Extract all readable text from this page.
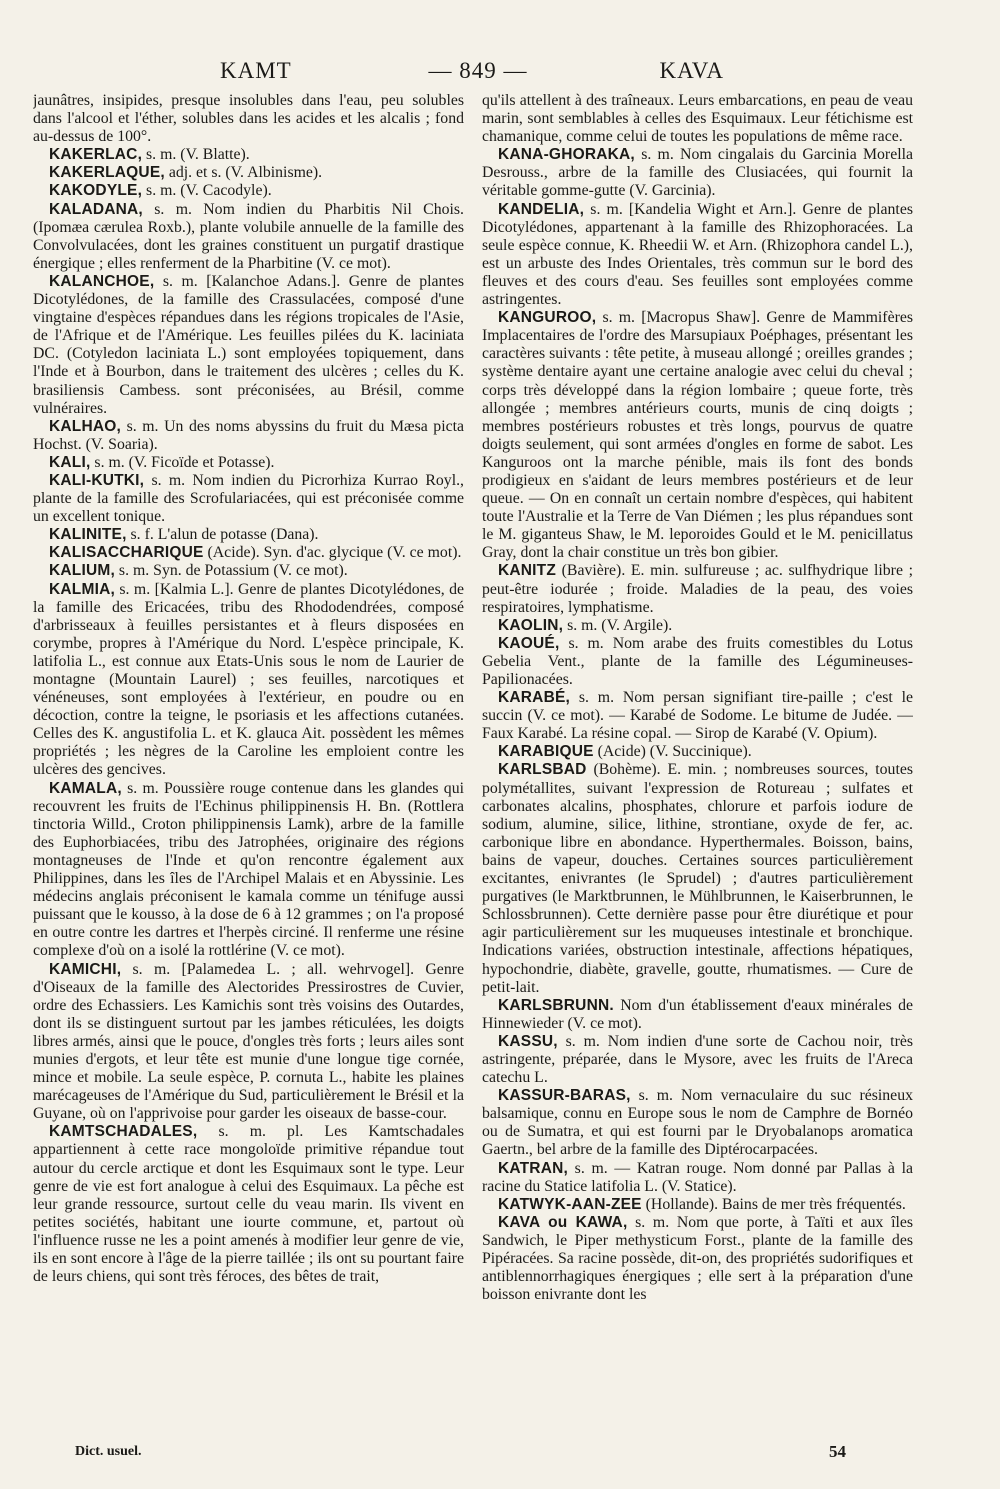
KAMT	— 849 —	KAVA

jaunâtres, insipides, presque insolubles dans l'eau, peu solubles dans l'alcool et l'éther, solubles dans les acides et les alcalis ; fond au-dessus de 100°.

KAKERLAC, s. m. (V. Blatte).

KAKERLAQUE, adj. et s. (V. Albinisme).

KAKODYLE, s. m. (V. Cacodyle).

KALADANA, s. m. Nom indien du Pharbitis Nil Chois. (Ipomæa cærulea Roxb.), plante volubile annuelle de la famille des Convolvulacées, dont les graines constituent un purgatif drastique énergique ; elles renferment de la Pharbitine (V. ce mot).

KALANCHOE, s. m. [Kalanchoe Adans.]. Genre de plantes Dicotylédones, de la famille des Crassulacées, composé d'une vingtaine d'espèces répandues dans les régions tropicales de l'Asie, de l'Afrique et de l'Amérique. Les feuilles pilées du K. laciniata DC. (Cotyledon laciniata L.) sont employées topiquement, dans l'Inde et à Bourbon, dans le traitement des ulcères ; celles du K. brasiliensis Cambess. sont préconisées, au Brésil, comme vulnéraires.

KALHAO, s. m. Un des noms abyssins du fruit du Mæsa picta Hochst. (V. Soaria).

KALI, s. m. (V. Ficoïde et Potasse).

KALI-KUTKI, s. m. Nom indien du Picrorhiza Kurrao Royl., plante de la famille des Scrofulariacées, qui est préconisée comme un excellent tonique.

KALINITE, s. f. L'alun de potasse (Dana).

KALISACCHARIQUE (Acide). Syn. d'ac. glycique (V. ce mot).

KALIUM, s. m. Syn. de Potassium (V. ce mot).

KALMIA, s. m. [Kalmia L.]. Genre de plantes Dicotylédones, de la famille des Ericacées, tribu des Rhododendrées, composé d'arbrisseaux à feuilles persistantes et à fleurs disposées en corymbe, propres à l'Amérique du Nord. L'espèce principale, K. latifolia L., est connue aux Etats-Unis sous le nom de Laurier de montagne (Mountain Laurel) ; ses feuilles, narcotiques et vénéneuses, sont employées à l'extérieur, en poudre ou en décoction, contre la teigne, le psoriasis et les affections cutanées. Celles des K. angustifolia L. et K. glauca Ait. possèdent les mêmes propriétés ; les nègres de la Caroline les emploient contre les ulcères des gencives.

KAMALA, s. m. Poussière rouge contenue dans les glandes qui recouvrent les fruits de l'Echinus philippinensis H. Bn. (Rottlera tinctoria Willd., Croton philippinensis Lamk), arbre de la famille des Euphorbiacées, tribu des Jatrophées, originaire des régions montagneuses de l'Inde et qu'on rencontre également aux Philippines, dans les îles de l'Archipel Malais et en Abyssinie. Les médecins anglais préconisent le kamala comme un ténifuge aussi puissant que le kousso, à la dose de 6 à 12 grammes ; on l'a proposé en outre contre les dartres et l'herpès circiné. Il renferme une résine complexe d'où on a isolé la rottlérine (V. ce mot).

KAMICHI, s. m. [Palamedea L. ; all. wehrvogel]. Genre d'Oiseaux de la famille des Alectorides Pressirostres de Cuvier, ordre des Echassiers. Les Kamichis sont très voisins des Outardes, dont ils se distinguent surtout par les jambes réticulées, les doigts libres armés, ainsi que le pouce, d'ongles très forts ; leurs ailes sont munies d'ergots, et leur tête est munie d'une longue tige cornée, mince et mobile. La seule espèce, P. cornuta L., habite les plaines marécageuses de l'Amérique du Sud, particulièrement le Brésil et la Guyane, où on l'apprivoise pour garder les oiseaux de basse-cour.

KAMTSCHADALES, s. m. pl. Les Kamtschadales appartiennent à cette race mongoloïde primitive répandue tout autour du cercle arctique et dont les Esquimaux sont le type. Leur genre de vie est fort analogue à celui des Esquimaux. La pêche est leur grande ressource, surtout celle du veau marin. Ils vivent en petites sociétés, habitant une iourte commune, et, partout où l'influence russe ne les a point amenés à modifier leur genre de vie, ils en sont encore à l'âge de la pierre taillée ; ils ont su pourtant faire de leurs chiens, qui sont très féroces, des bêtes de trait,

qu'ils attellent à des traîneaux. Leurs embarcations, en peau de veau marin, sont semblables à celles des Esquimaux. Leur fétichisme est chamanique, comme celui de toutes les populations de même race.

KANA-GHORAKA, s. m. Nom cingalais du Garcinia Morella Desrouss., arbre de la famille des Clusiacées, qui fournit la véritable gomme-gutte (V. Garcinia).

KANDELIA, s. m. [Kandelia Wight et Arn.]. Genre de plantes Dicotylédones, appartenant à la famille des Rhizophoracées. La seule espèce connue, K. Rheedii W. et Arn. (Rhizophora candel L.), est un arbuste des Indes Orientales, très commun sur le bord des fleuves et des cours d'eau. Ses feuilles sont employées comme astringentes.

KANGUROO, s. m. [Macropus Shaw]. Genre de Mammifères Implacentaires de l'ordre des Marsupiaux Poéphages, présentant les caractères suivants : tête petite, à museau allongé ; oreilles grandes ; système dentaire ayant une certaine analogie avec celui du cheval ; corps très développé dans la région lombaire ; queue forte, très allongée ; membres antérieurs courts, munis de cinq doigts ; membres postérieurs robustes et très longs, pourvus de quatre doigts seulement, qui sont armées d'ongles en forme de sabot. Les Kanguroos ont la marche pénible, mais ils font des bonds prodigieux en s'aidant de leurs membres postérieurs et de leur queue. — On en connaît un certain nombre d'espèces, qui habitent toute l'Australie et la Terre de Van Diémen ; les plus répandues sont le M. giganteus Shaw, le M. leporoides Gould et le M. penicillatus Gray, dont la chair constitue un très bon gibier.

KANITZ (Bavière). E. min. sulfureuse ; ac. sulfhydrique libre ; peut-être iodurée ; froide. Maladies de la peau, des voies respiratoires, lymphatisme.

KAOLIN, s. m. (V. Argile).

KAOUÉ, s. m. Nom arabe des fruits comestibles du Lotus Gebelia Vent., plante de la famille des Légumineuses-Papilionacées.

KARABÉ, s. m. Nom persan signifiant tire-paille ; c'est le succin (V. ce mot). — Karabé de Sodome. Le bitume de Judée. — Faux Karabé. La résine copal. — Sirop de Karabé (V. Opium).

KARABIQUE (Acide) (V. Succinique).

KARLSBAD (Bohème). E. min. ; nombreuses sources, toutes polymétallites, suivant l'expression de Rotureau ; sulfates et carbonates alcalins, phosphates, chlorure et parfois iodure de sodium, alumine, silice, lithine, strontiane, oxyde de fer, ac. carbonique libre en abondance. Hyperthermales. Boisson, bains, bains de vapeur, douches. Certaines sources particulièrement excitantes, enivrantes (le Sprudel) ; d'autres particulièrement purgatives (le Marktbrunnen, le Mühlbrunnen, le Kaiserbrunnen, le Schlossbrunnen). Cette dernière passe pour être diurétique et pour agir particulièrement sur les muqueuses intestinale et bronchique. Indications variées, obstruction intestinale, affections hépatiques, hypochondrie, diabète, gravelle, goutte, rhumatismes. — Cure de petit-lait.

KARLSBRUNN. Nom d'un établissement d'eaux minérales de Hinnewieder (V. ce mot).

KASSU, s. m. Nom indien d'une sorte de Cachou noir, très astringente, préparée, dans le Mysore, avec les fruits de l'Areca catechu L.

KASSUR-BARAS, s. m. Nom vernaculaire du suc résineux balsamique, connu en Europe sous le nom de Camphre de Bornéo ou de Sumatra, et qui est fourni par le Dryobalanops aromatica Gaertn., bel arbre de la famille des Diptérocarpacées.

KATRAN, s. m. — Katran rouge. Nom donné par Pallas à la racine du Statice latifolia L. (V. Statice).

KATWYK-AAN-ZEE (Hollande). Bains de mer très fréquentés.

KAVA ou KAWA, s. m. Nom que porte, à Taïti et aux îles Sandwich, le Piper methysticum Forst., plante de la famille des Pipéracées. Sa racine possède, dit-on, des propriétés sudorifiques et antiblennorrhagiques énergiques ; elle sert à la préparation d'une boisson enivrante dont les

Dict. usuel.	54
